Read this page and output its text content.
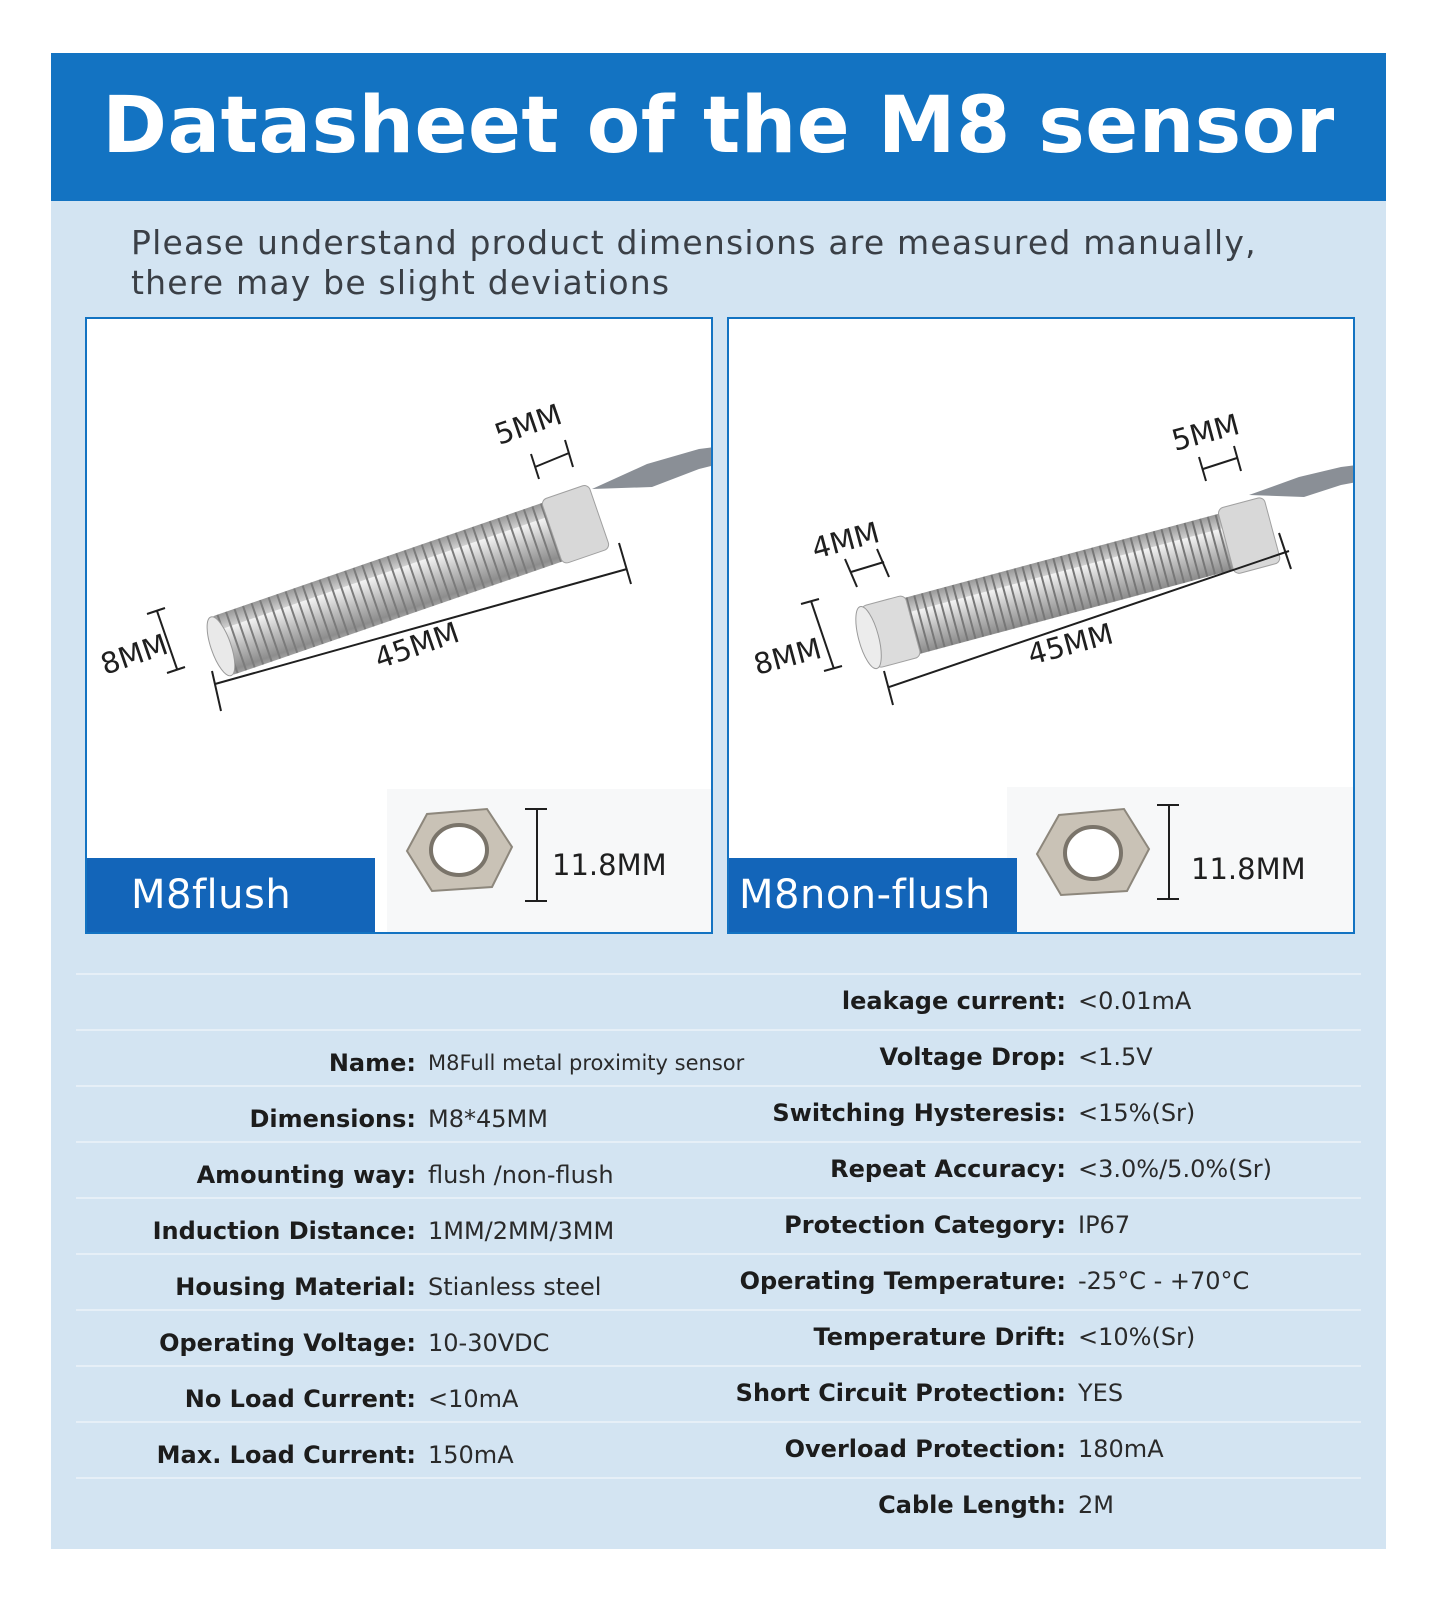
Datasheet of the M8 sensor
Please understand product dimensions are measured manually, there may be slight deviations
5MM
8MM	45MM
11.8MM
M8flush
5MM
4MM
8MM	45MM
11.8MM
M8non-flush
Name: M8Full metal proximity sensor
Dimensions: M8*45MM
Amounting way: flush /non-flush
Induction Distance: 1MM/2MM/3MM
Housing Material: Stianless steel
Operating Voltage: 10-30VDC
No Load Current: <10mA
Max. Load Current: 150mA
leakage current: <0.01mA
Voltage Drop: <1.5V
Switching Hysteresis: <15%(Sr)
Repeat Accuracy: <3.0%/5.0%(Sr)
Protection Category: IP67
Operating Temperature: -25°C - +70°C
Temperature Drift: <10%(Sr)
Short Circuit Protection: YES
Overload Protection: 180mA
Cable Length: 2M
